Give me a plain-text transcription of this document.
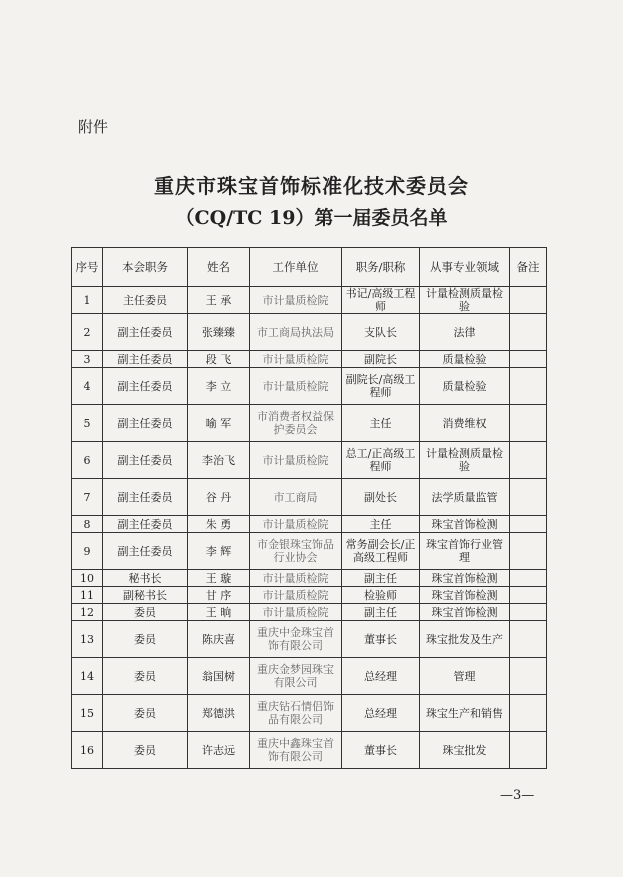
附件
重庆市珠宝首饰标准化技术委员会
（CQ/TC 19）第一届委员名单
序号	本会职务	姓名	工作单位	职务/职称	从事专业领域	备注
1	主任委员	王 承	市计量质检院	书记/高级工程师	计量检测质量检验	
2	副主任委员	张臻臻	市工商局执法局	支队长	法律	
3	副主任委员	段 飞	市计量质检院	副院长	质量检验	
4	副主任委员	李 立	市计量质检院	副院长/高级工程师	质量检验	
5	副主任委员	喻 军	市消费者权益保护委员会	主任	消费维权	
6	副主任委员	李治飞	市计量质检院	总工/正高级工程师	计量检测质量检验	
7	副主任委员	谷 丹	市工商局	副处长	法学质量监管	
8	副主任委员	朱 勇	市计量质检院	主任	珠宝首饰检测	
9	副主任委员	李 辉	市金银珠宝饰品行业协会	常务副会长/正高级工程师	珠宝首饰行业管理	
10	秘书长	王 璇	市计量质检院	副主任	珠宝首饰检测	
11	副秘书长	甘 序	市计量质检院	检验师	珠宝首饰检测	
12	委员	王 晌	市计量质检院	副主任	珠宝首饰检测	
13	委员	陈庆喜	重庆中金珠宝首饰有限公司	董事长	珠宝批发及生产	
14	委员	翁国树	重庆金梦园珠宝有限公司	总经理	管理	
15	委员	郑德洪	重庆钻石情侣饰品有限公司	总经理	珠宝生产和销售	
16	委员	许志远	重庆中鑫珠宝首饰有限公司	董事长	珠宝批发	
—3—
